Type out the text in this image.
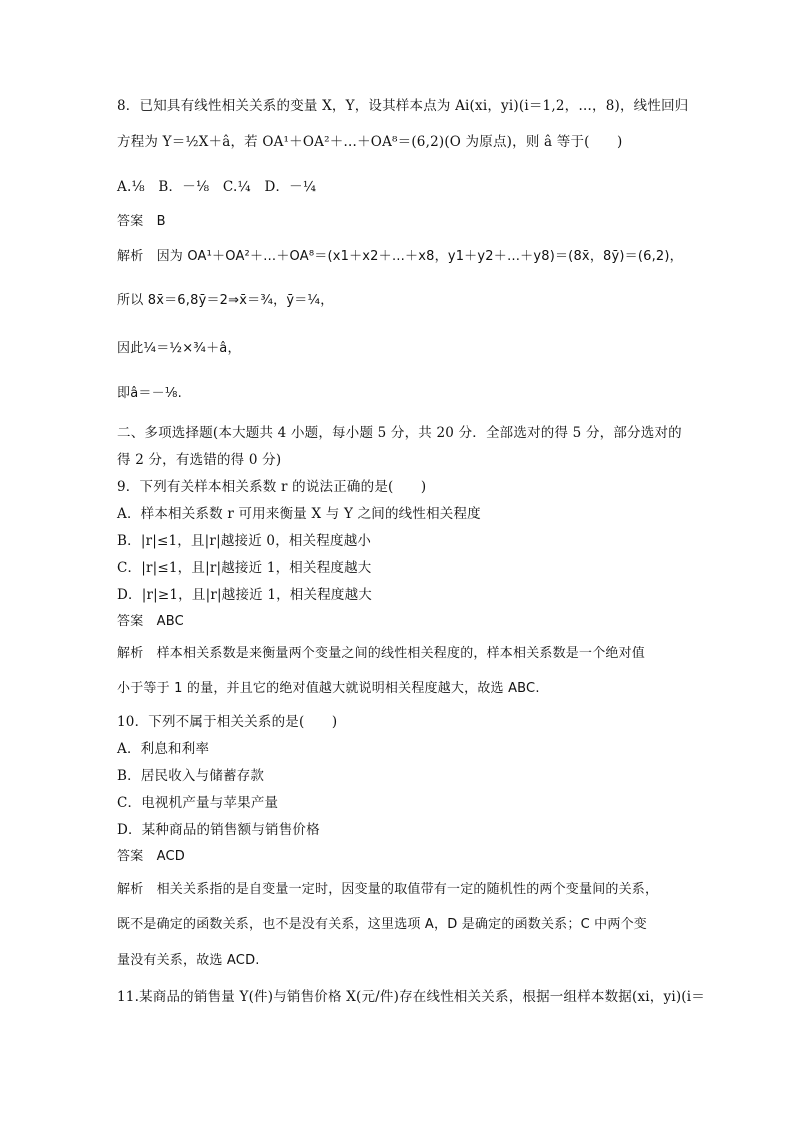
8．已知具有线性相关关系的变量 X，Y，设其样本点为 Ai(xi，yi)(i＝1,2，…，8)，线性回归
方程为 Y＝½X＋â，若 OA¹＋OA²＋…＋OA⁸＝(6,2)(O 为原点)，则 â 等于(　　)
A.⅛　B．－⅛　C.¼　D．－¼
答案　B
解析　因为 OA¹＋OA²＋…＋OA⁸＝(x1＋x2＋…＋x8，y1＋y2＋…＋y8)＝(8x̄，8ȳ)＝(6,2)，
所以 8x̄＝6,8ȳ＝2⇒x̄＝¾，ȳ＝¼，
因此¼＝½×¾＋â，
即â＝－⅛.
二、多项选择题(本大题共 4 小题，每小题 5 分，共 20 分．全部选对的得 5 分，部分选对的
得 2 分，有选错的得 0 分)
9．下列有关样本相关系数 r 的说法正确的是(　　)
A．样本相关系数 r 可用来衡量 X 与 Y 之间的线性相关程度
B．|r|≤1，且|r|越接近 0，相关程度越小
C．|r|≤1，且|r|越接近 1，相关程度越大
D．|r|≥1，且|r|越接近 1，相关程度越大
答案　ABC
解析　样本相关系数是来衡量两个变量之间的线性相关程度的，样本相关系数是一个绝对值
小于等于 1 的量，并且它的绝对值越大就说明相关程度越大，故选 ABC.
10．下列不属于相关关系的是(　　)
A．利息和利率
B．居民收入与储蓄存款
C．电视机产量与苹果产量
D．某种商品的销售额与销售价格
答案　ACD
解析　相关关系指的是自变量一定时，因变量的取值带有一定的随机性的两个变量间的关系，
既不是确定的函数关系，也不是没有关系，这里选项 A，D 是确定的函数关系；C 中两个变
量没有关系，故选 ACD.
11.某商品的销售量 Y(件)与销售价格 X(元/件)存在线性相关关系，根据一组样本数据(xi，yi)(i＝
